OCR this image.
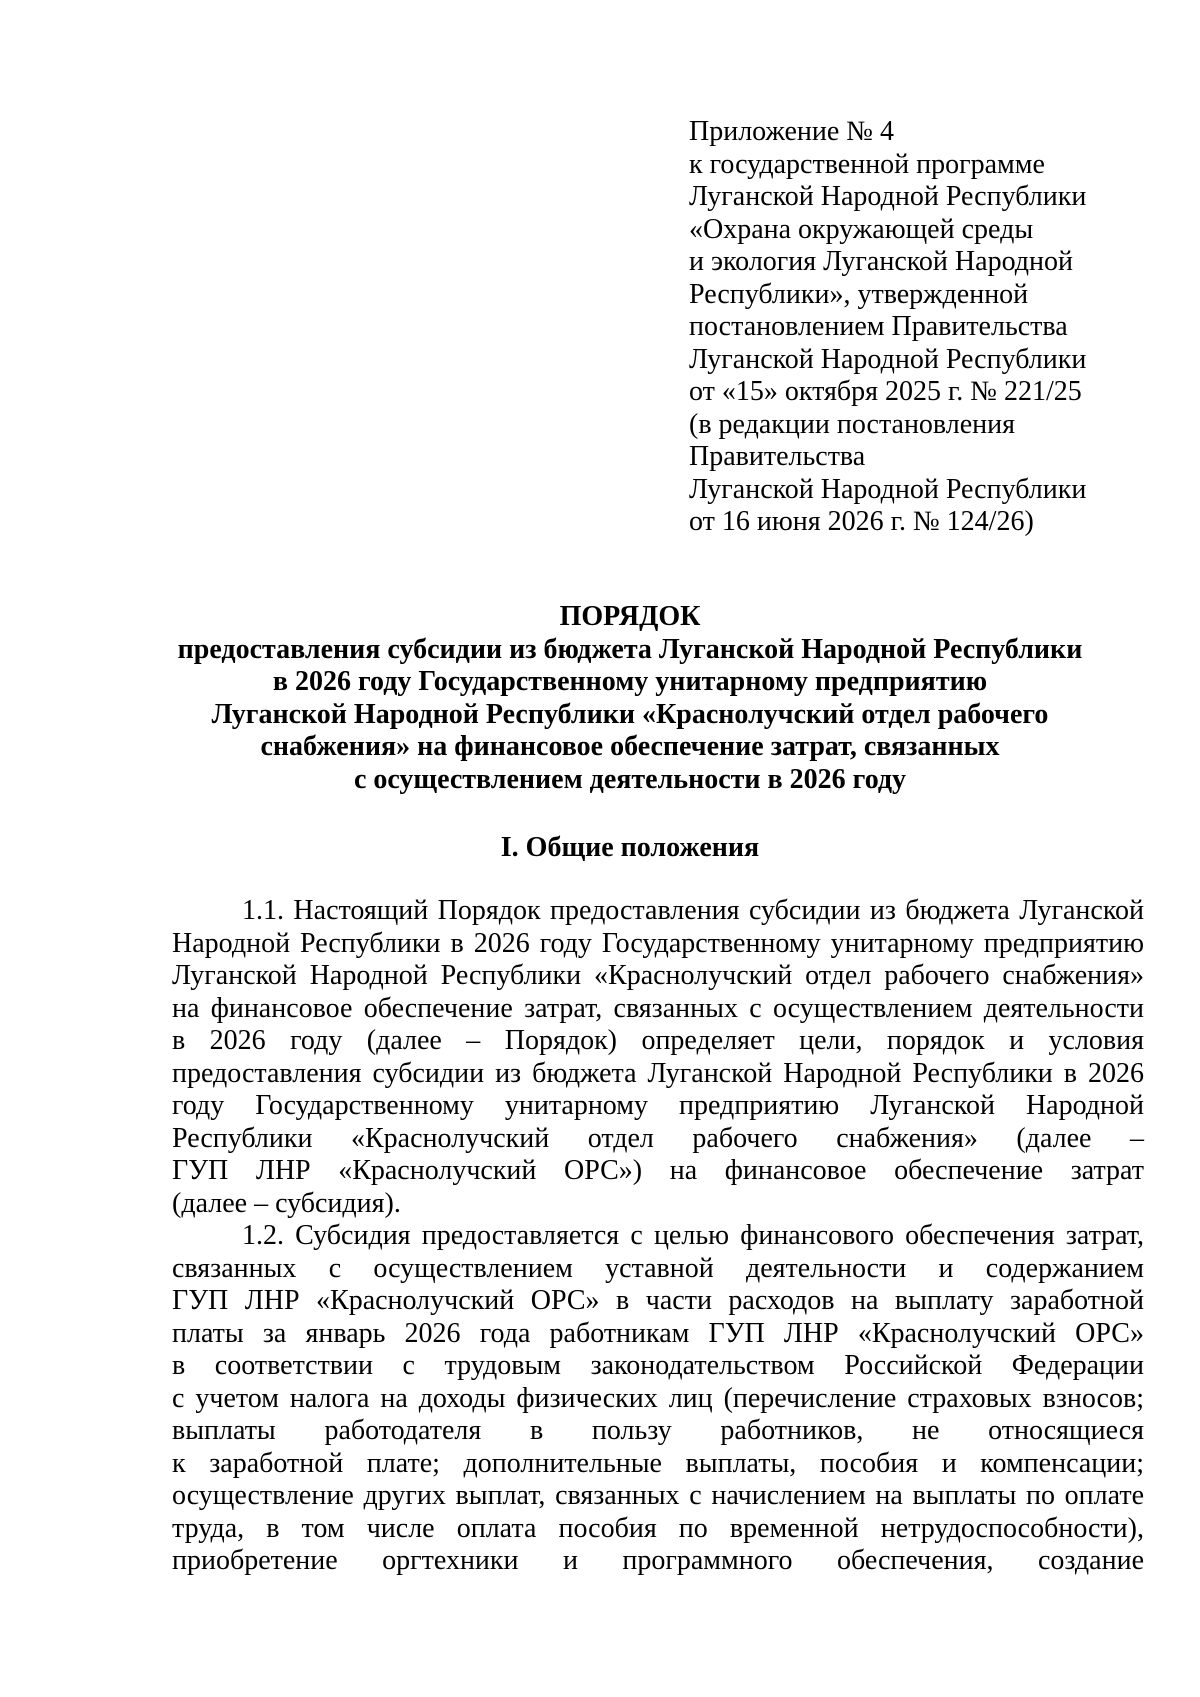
Приложение № 4
к государственной программе
Луганской Народной Республики
«Охрана окружающей среды
и экология Луганской Народной
Республики», утвержденной
постановлением Правительства
Луганской Народной Республики
от «15» октября 2025 г. № 221/25
(в редакции постановления
Правительства
Луганской Народной Республики
от 16 июня 2026 г. № 124/26)
ПОРЯДОК
предоставления субсидии из бюджета Луганской Народной Республики
в 2026 году Государственному унитарному предприятию
Луганской Народной Республики «Краснолучский отдел рабочего
снабжения» на финансовое обеспечение затрат, связанных
с осуществлением деятельности в 2026 году
I. Общие положения
1.1. Настоящий Порядок предоставления субсидии из бюджета Луганской
Народной Республики в 2026 году Государственному унитарному предприятию
Луганской Народной Республики «Краснолучский отдел рабочего снабжения»
на финансовое обеспечение затрат, связанных с осуществлением деятельности
в 2026 году (далее – Порядок) определяет цели, порядок и условия
предоставления субсидии из бюджета Луганской Народной Республики в 2026
году Государственному унитарному предприятию Луганской Народной
Республики «Краснолучский отдел рабочего снабжения» (далее –
ГУП ЛНР «Краснолучский ОРС») на финансовое обеспечение затрат
(далее – субсидия).
1.2. Субсидия предоставляется с целью финансового обеспечения затрат,
связанных с осуществлением уставной деятельности и содержанием
ГУП ЛНР «Краснолучский ОРС» в части расходов на выплату заработной
платы за январь 2026 года работникам ГУП ЛНР «Краснолучский ОРС»
в соответствии с трудовым законодательством Российской Федерации
с учетом налога на доходы физических лиц (перечисление страховых взносов;
выплаты работодателя в пользу работников, не относящиеся
к заработной плате; дополнительные выплаты, пособия и компенсации;
осуществление других выплат, связанных с начислением на выплаты по оплате
труда, в том числе оплата пособия по временной нетрудоспособности),
приобретение оргтехники и программного обеспечения, создание
